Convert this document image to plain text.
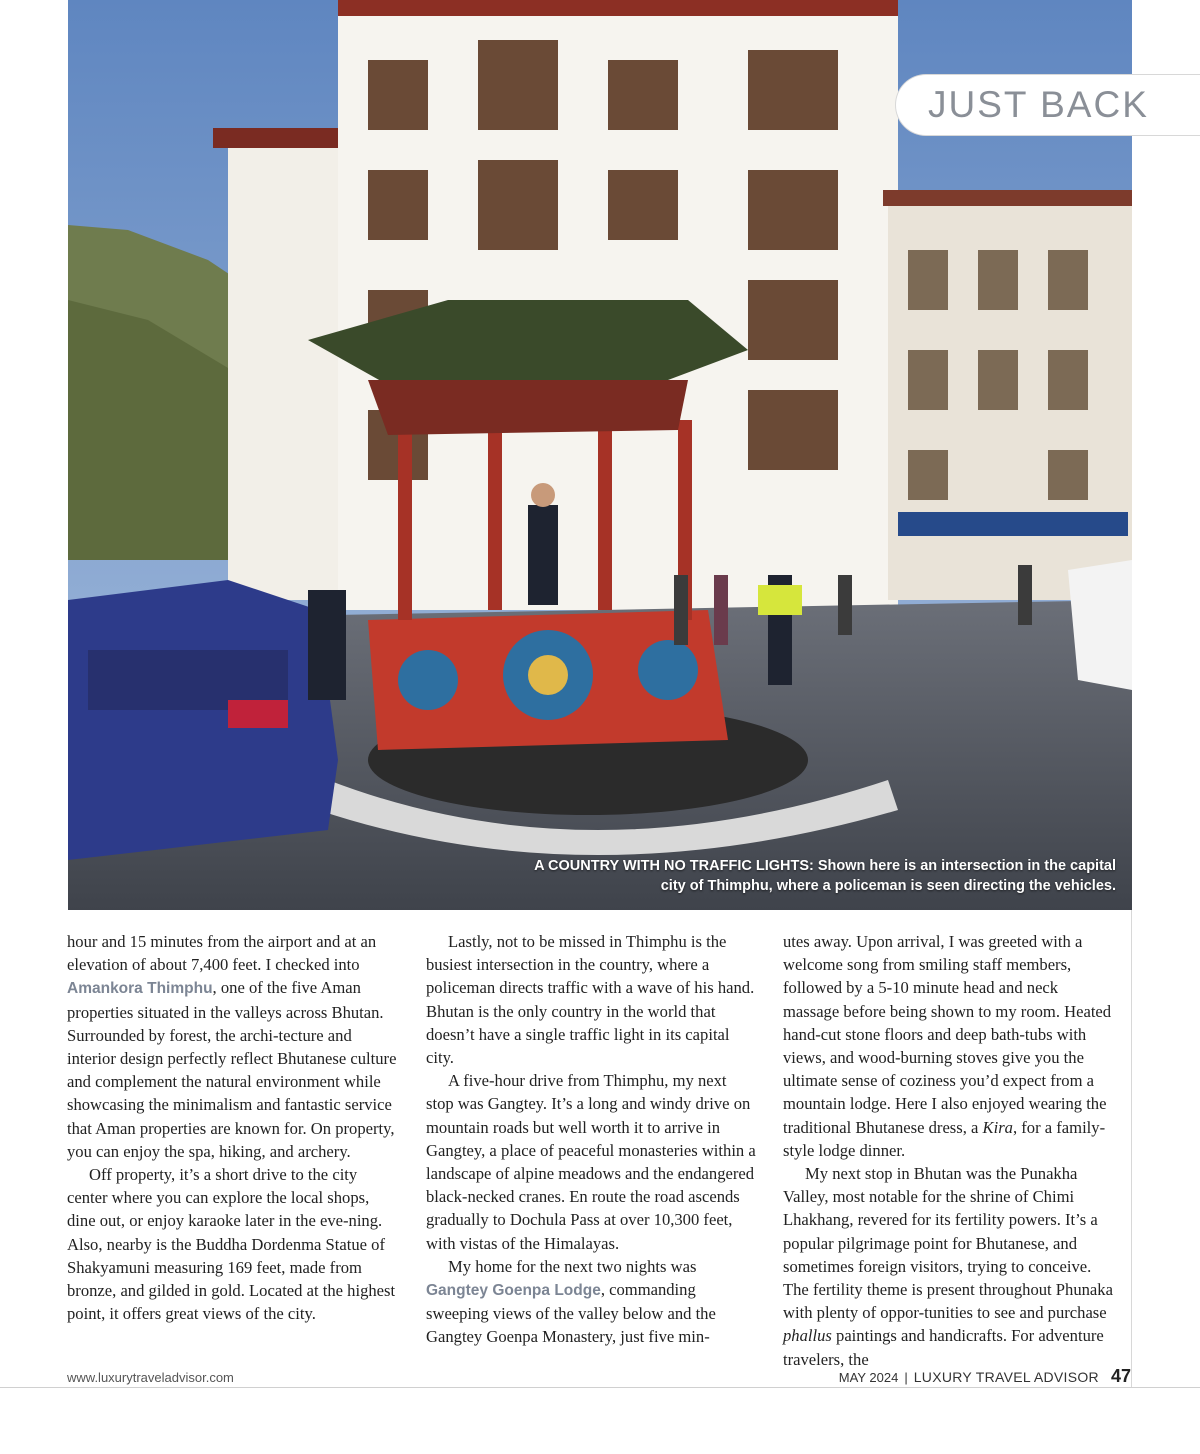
JUST BACK
A COUNTRY WITH NO TRAFFIC LIGHTS: Shown here is an intersection in the capital
city of Thimphu, where a policeman is seen directing the vehicles.

hour and 15 minutes from the airport and at an elevation of about 7,400 feet. I checked into Amankora Thimphu, one of the five Aman properties situated in the valleys across Bhutan. Surrounded by forest, the archi-tecture and interior design perfectly reflect Bhutanese culture and complement the natural environment while showcasing the minimalism and fantastic service that Aman properties are known for. On property, you can enjoy the spa, hiking, and archery.

Off property, it’s a short drive to the city center where you can explore the local shops, dine out, or enjoy karaoke later in the eve-ning. Also, nearby is the Buddha Dordenma Statue of Shakyamuni measuring 169 feet, made from bronze, and gilded in gold. Located at the highest point, it offers great views of the city.

Lastly, not to be missed in Thimphu is the busiest intersection in the country, where a policeman directs traffic with a wave of his hand. Bhutan is the only country in the world that doesn’t have a single traffic light in its capital city.

A five-hour drive from Thimphu, my next stop was Gangtey. It’s a long and windy drive on mountain roads but well worth it to arrive in Gangtey, a place of peaceful monasteries within a landscape of alpine meadows and the endangered black-necked cranes. En route the road ascends gradually to Dochula Pass at over 10,300 feet, with vistas of the Himalayas.

My home for the next two nights was Gangtey Goenpa Lodge, commanding sweeping views of the valley below and the Gangtey Goenpa Monastery, just five min-

utes away. Upon arrival, I was greeted with a welcome song from smiling staff members, followed by a 5-10 minute head and neck massage before being shown to my room. Heated hand-cut stone floors and deep bath-tubs with views, and wood-burning stoves give you the ultimate sense of coziness you’d expect from a mountain lodge. Here I also enjoyed wearing the traditional Bhutanese dress, a Kira, for a family-style lodge dinner.

My next stop in Bhutan was the Punakha Valley, most notable for the shrine of Chimi Lhakhang, revered for its fertility powers. It’s a popular pilgrimage point for Bhutanese, and sometimes foreign visitors, trying to conceive. The fertility theme is present throughout Phunaka with plenty of oppor-tunities to see and purchase phallus paintings and handicrafts. For adventure travelers, the

www.luxurytraveladvisor.com	MAY 2024 | LUXURY TRAVEL ADVISOR 47
